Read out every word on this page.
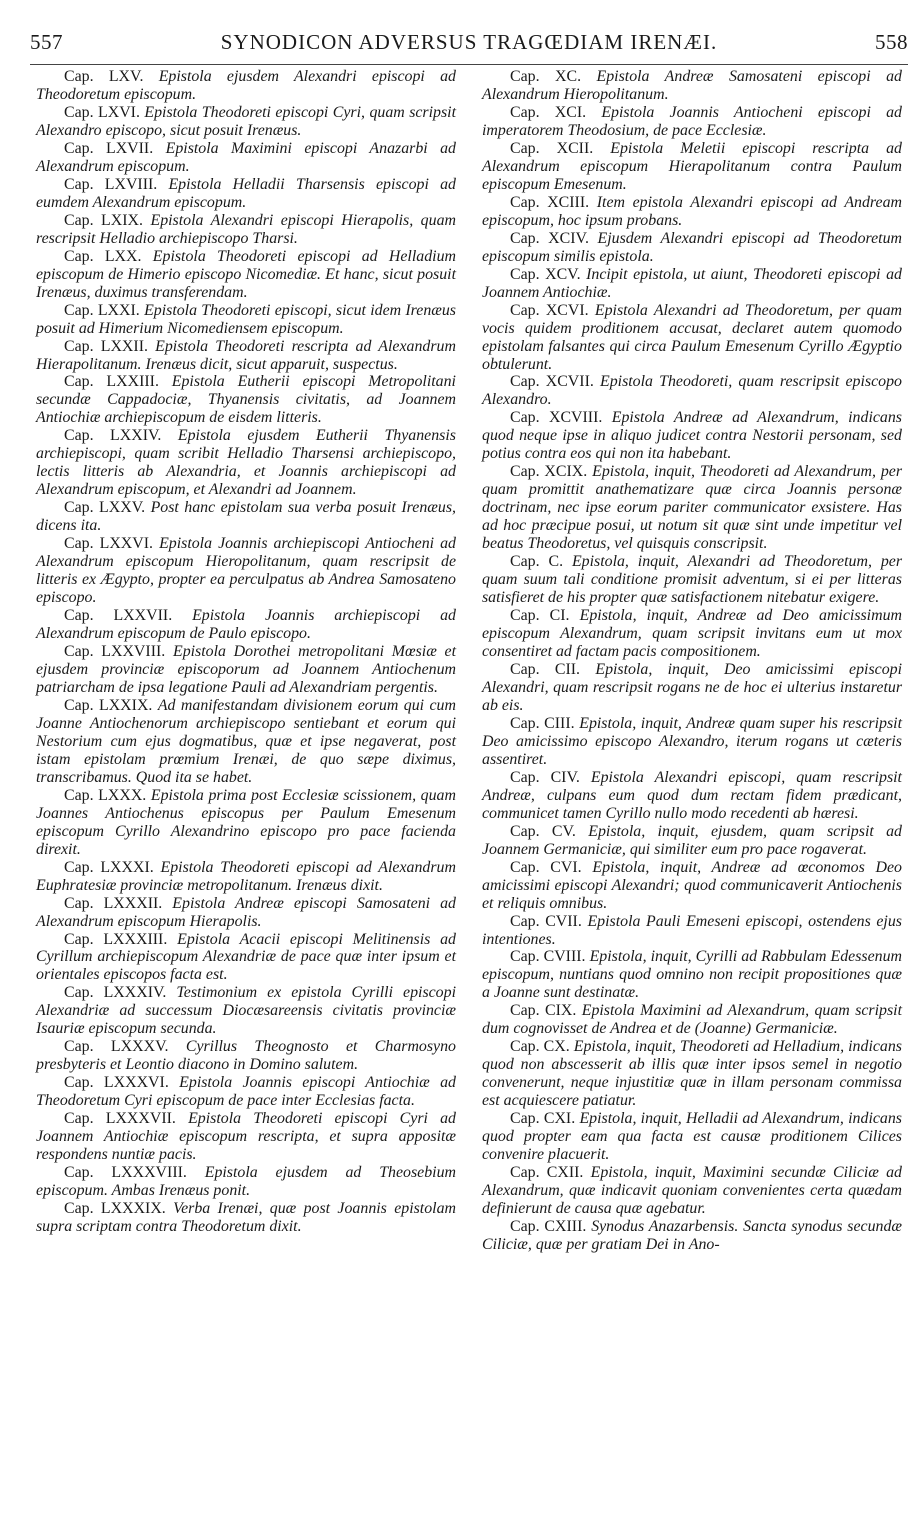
557	SYNODICON ADVERSUS TRAGŒDIAM IRENÆI.	558

Cap. LXV. Epistola ejusdem Alexandri episcopi ad Theodoretum episcopum.

Cap. LXVI. Epistola Theodoreti episcopi Cyri, quam scripsit Alexandro episcopo, sicut posuit Irenæus.

Cap. LXVII. Epistola Maximini episcopi Anazarbi ad Alexandrum episcopum.

Cap. LXVIII. Epistola Helladii Tharsensis episcopi ad eumdem Alexandrum episcopum.

Cap. LXIX. Epistola Alexandri episcopi Hierapolis, quam rescripsit Helladio archiepiscopo Tharsi.

Cap. LXX. Epistola Theodoreti episcopi ad Helladium episcopum de Himerio episcopo Nicomediæ. Et hanc, sicut posuit Irenæus, duximus transferendam.

Cap. LXXI. Epistola Theodoreti episcopi, sicut idem Irenæus posuit ad Himerium Nicomediensem episcopum.

Cap. LXXII. Epistola Theodoreti rescripta ad Alexandrum Hierapolitanum. Irenæus dicit, sicut apparuit, suspectus.

Cap. LXXIII. Epistola Eutherii episcopi Metropolitani secundæ Cappadociæ, Thyanensis civitatis, ad Joannem Antiochiæ archiepiscopum de eisdem litteris.

Cap. LXXIV. Epistola ejusdem Eutherii Thyanensis archiepiscopi, quam scribit Helladio Tharsensi archiepiscopo, lectis litteris ab Alexandria, et Joannis archiepiscopi ad Alexandrum episcopum, et Alexandri ad Joannem.

Cap. LXXV. Post hanc epistolam sua verba posuit Irenæus, dicens ita.

Cap. LXXVI. Epistola Joannis archiepiscopi Antiocheni ad Alexandrum episcopum Hieropolitanum, quam rescripsit de litteris ex Ægypto, propter ea perculpatus ab Andrea Samosateno episcopo.

Cap. LXXVII. Epistola Joannis archiepiscopi ad Alexandrum episcopum de Paulo episcopo.

Cap. LXXVIII. Epistola Dorothei metropolitani Mœsiæ et ejusdem provinciæ episcoporum ad Joannem Antiochenum patriarcham de ipsa legatione Pauli ad Alexandriam pergentis.

Cap. LXXIX. Ad manifestandam divisionem eorum qui cum Joanne Antiochenorum archiepiscopo sentiebant et eorum qui Nestorium cum ejus dogmatibus, quæ et ipse negaverat, post istam epistolam prœmium Irenæi, de quo sæpe diximus, transcribamus. Quod ita se habet.

Cap. LXXX. Epistola prima post Ecclesiæ scissionem, quam Joannes Antiochenus episcopus per Paulum Emesenum episcopum Cyrillo Alexandrino episcopo pro pace facienda direxit.

Cap. LXXXI. Epistola Theodoreti episcopi ad Alexandrum Euphratesiæ provinciæ metropolitanum. Irenæus dixit.

Cap. LXXXII. Epistola Andreæ episcopi Samosateni ad Alexandrum episcopum Hierapolis.

Cap. LXXXIII. Epistola Acacii episcopi Melitinensis ad Cyrillum archiepiscopum Alexandriæ de pace quæ inter ipsum et orientales episcopos facta est.

Cap. LXXXIV. Testimonium ex epistola Cyrilli episcopi Alexandriæ ad successum Diocæsareensis civitatis provinciæ Isauriæ episcopum secunda.

Cap. LXXXV. Cyrillus Theognosto et Charmosyno presbyteris et Leontio diacono in Domino salutem.

Cap. LXXXVI. Epistola Joannis episcopi Antiochiæ ad Theodoretum Cyri episcopum de pace inter Ecclesias facta.

Cap. LXXXVII. Epistola Theodoreti episcopi Cyri ad Joannem Antiochiæ episcopum rescripta, et supra appositæ respondens nuntiæ pacis.

Cap. LXXXVIII. Epistola ejusdem ad Theosebium episcopum. Ambas Irenæus ponit.

Cap. LXXXIX. Verba Irenæi, quæ post Joannis epistolam supra scriptam contra Theodoretum dixit.

Cap. XC. Epistola Andreæ Samosateni episcopi ad Alexandrum Hieropolitanum.

Cap. XCI. Epistola Joannis Antiocheni episcopi ad imperatorem Theodosium, de pace Ecclesiæ.

Cap. XCII. Epistola Meletii episcopi rescripta ad Alexandrum episcopum Hierapolitanum contra Paulum episcopum Emesenum.

Cap. XCIII. Item epistola Alexandri episcopi ad Andream episcopum, hoc ipsum probans.

Cap. XCIV. Ejusdem Alexandri episcopi ad Theodoretum episcopum similis epistola.

Cap. XCV. Incipit epistola, ut aiunt, Theodoreti episcopi ad Joannem Antiochiæ.

Cap. XCVI. Epistola Alexandri ad Theodoretum, per quam vocis quidem proditionem accusat, declaret autem quomodo epistolam falsantes qui circa Paulum Emesenum Cyrillo Ægyptio obtulerunt.

Cap. XCVII. Epistola Theodoreti, quam rescripsit episcopo Alexandro.

Cap. XCVIII. Epistola Andreæ ad Alexandrum, indicans quod neque ipse in aliquo judicet contra Nestorii personam, sed potius contra eos qui non ita habebant.

Cap. XCIX. Epistola, inquit, Theodoreti ad Alexandrum, per quam promittit anathematizare quæ circa Joannis personæ doctrinam, nec ipse eorum pariter communicator exsistere. Has ad hoc præcipue posui, ut notum sit quæ sint unde impetitur vel beatus Theodoretus, vel quisquis conscripsit.

Cap. C. Epistola, inquit, Alexandri ad Theodoretum, per quam suum tali conditione promisit adventum, si ei per litteras satisfieret de his propter quæ satisfactionem nitebatur exigere.

Cap. CI. Epistola, inquit, Andreæ ad Deo amicissimum episcopum Alexandrum, quam scripsit invitans eum ut mox consentiret ad factam pacis compositionem.

Cap. CII. Epistola, inquit, Deo amicissimi episcopi Alexandri, quam rescripsit rogans ne de hoc ei ulterius instaretur ab eis.

Cap. CIII. Epistola, inquit, Andreæ quam super his rescripsit Deo amicissimo episcopo Alexandro, iterum rogans ut cæteris assentiret.

Cap. CIV. Epistola Alexandri episcopi, quam rescripsit Andreæ, culpans eum quod dum rectam fidem prædicant, communicet tamen Cyrillo nullo modo recedenti ab hæresi.

Cap. CV. Epistola, inquit, ejusdem, quam scripsit ad Joannem Germaniciæ, qui similiter eum pro pace rogaverat.

Cap. CVI. Epistola, inquit, Andreæ ad œconomos Deo amicissimi episcopi Alexandri; quod communicaverit Antiochenis et reliquis omnibus.

Cap. CVII. Epistola Pauli Emeseni episcopi, ostendens ejus intentiones.

Cap. CVIII. Epistola, inquit, Cyrilli ad Rabbulam Edessenum episcopum, nuntians quod omnino non recipit propositiones quæ a Joanne sunt destinatæ.

Cap. CIX. Epistola Maximini ad Alexandrum, quam scripsit dum cognovisset de Andrea et de (Joanne) Germaniciæ.

Cap. CX. Epistola, inquit, Theodoreti ad Helladium, indicans quod non abscesserit ab illis quæ inter ipsos semel in negotio convenerunt, neque injustitiæ quæ in illam personam commissa est acquiescere patiatur.

Cap. CXI. Epistola, inquit, Helladii ad Alexandrum, indicans quod propter eam qua facta est causæ proditionem Cilices convenire placuerit.

Cap. CXII. Epistola, inquit, Maximini secundæ Ciliciæ ad Alexandrum, quæ indicavit quoniam convenientes certa quædam definierunt de causa quæ agebatur.

Cap. CXIII. Synodus Anazarbensis. Sancta synodus secundæ Ciliciæ, quæ per gratiam Dei in Ano-
